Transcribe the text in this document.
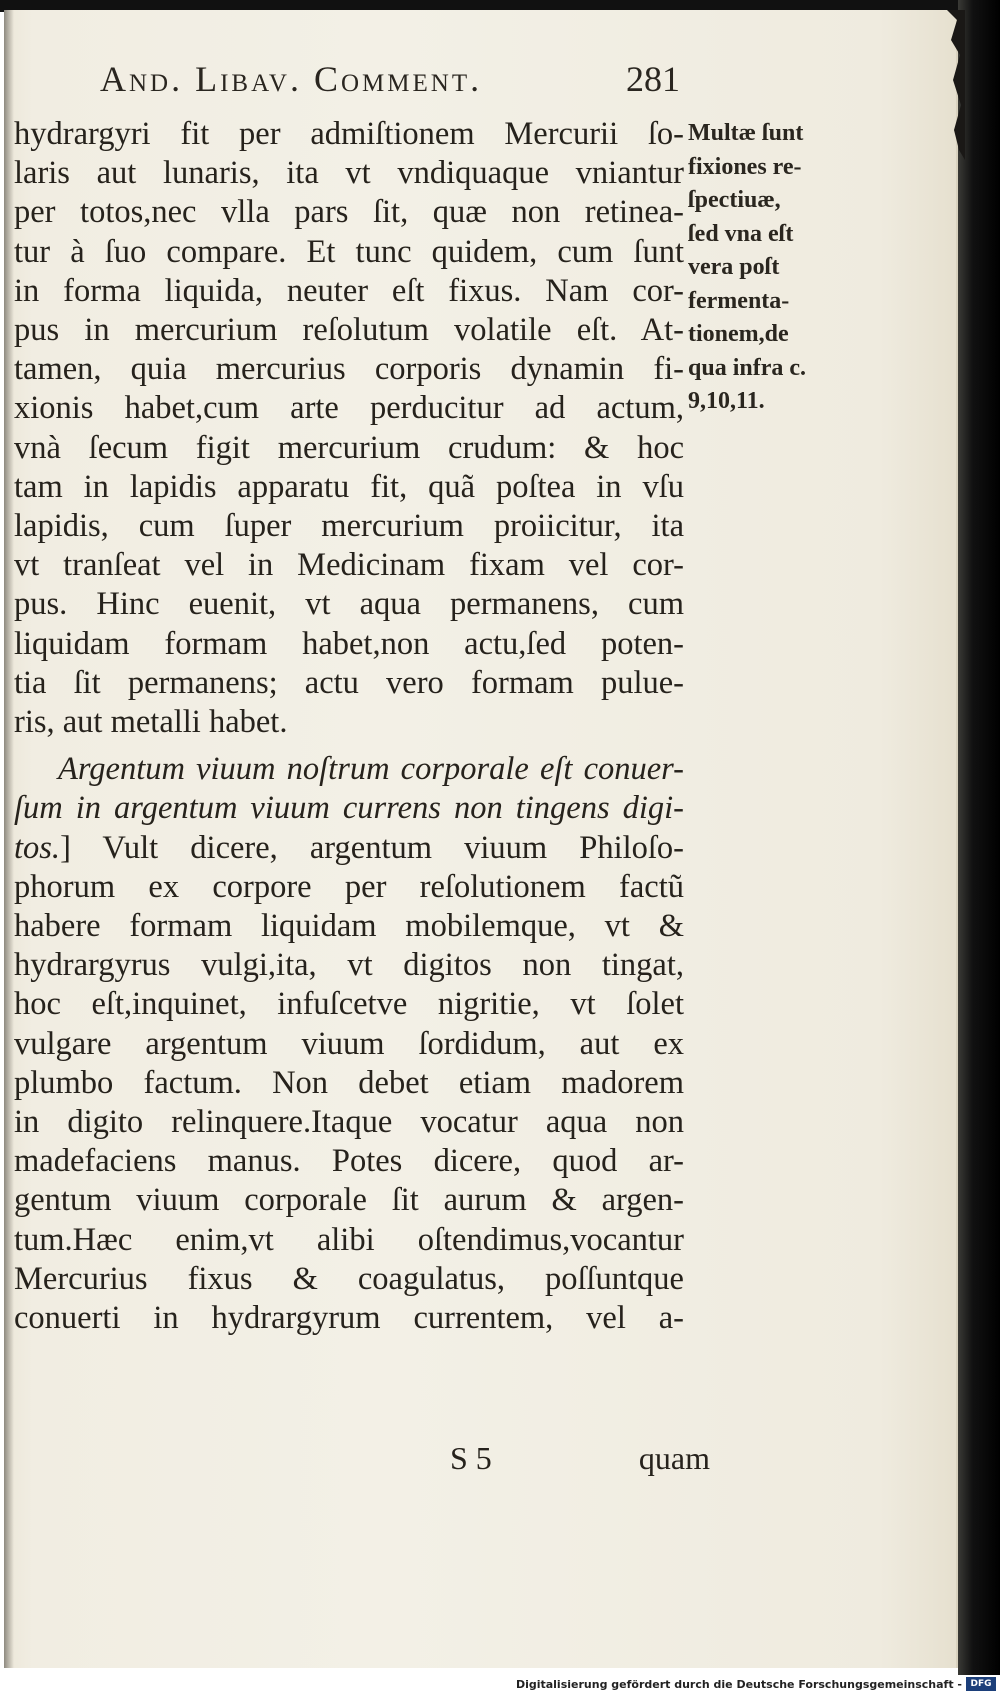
And. Libav. Comment.	281
hydrargyri fit per admiſtionem Mercurii ſo-
laris aut lunaris, ita vt vndiquaque vniantur
per totos,nec vlla pars ſit, quæ non retinea-
tur à ſuo compare. Et tunc quidem, cum ſunt
in forma liquida, neuter eſt fixus. Nam cor-
pus in mercurium reſolutum volatile eſt. At-
tamen, quia mercurius corporis dynamin fi-
xionis habet,cum arte perducitur ad actum,
vnà ſecum figit mercurium crudum: & hoc
tam in lapidis apparatu fit, quã poſtea in vſu
lapidis, cum ſuper mercurium proiicitur, ita
vt tranſeat vel in Medicinam fixam vel cor-
pus. Hinc euenit, vt aqua permanens, cum
liquidam formam habet,non actu,ſed poten-
tia ſit permanens; actu vero formam pulue-
ris, aut metalli habet.
Argentum viuum noſtrum corporale eſt conuer-
ſum in argentum viuum currens non tingens digi-
tos.] Vult dicere, argentum viuum Philoſo-
phorum ex corpore per reſolutionem factũ
habere formam liquidam mobilemque, vt &
hydrargyrus vulgi,ita, vt digitos non tingat,
hoc eſt,inquinet, infuſcetve nigritie, vt ſolet
vulgare argentum viuum ſordidum, aut ex
plumbo factum. Non debet etiam madorem
in digito relinquere.Itaque vocatur aqua non
madefaciens manus. Potes dicere, quod ar-
gentum viuum corporale ſit aurum & argen-
tum.Hæc enim,vt alibi oſtendimus,vocantur
Mercurius fixus & coagulatus, poſſuntque
conuerti in hydrargyrum currentem, vel a-
Multæ ſunt
fixiones re-
ſpectiuæ,
ſed vna eſt
vera poſt
fermenta-
tionem,de
qua infra c.
9,10,11.
S 5	quam
Digitalisierung gefördert durch die Deutsche Forschungsgemeinschaft - DFG
